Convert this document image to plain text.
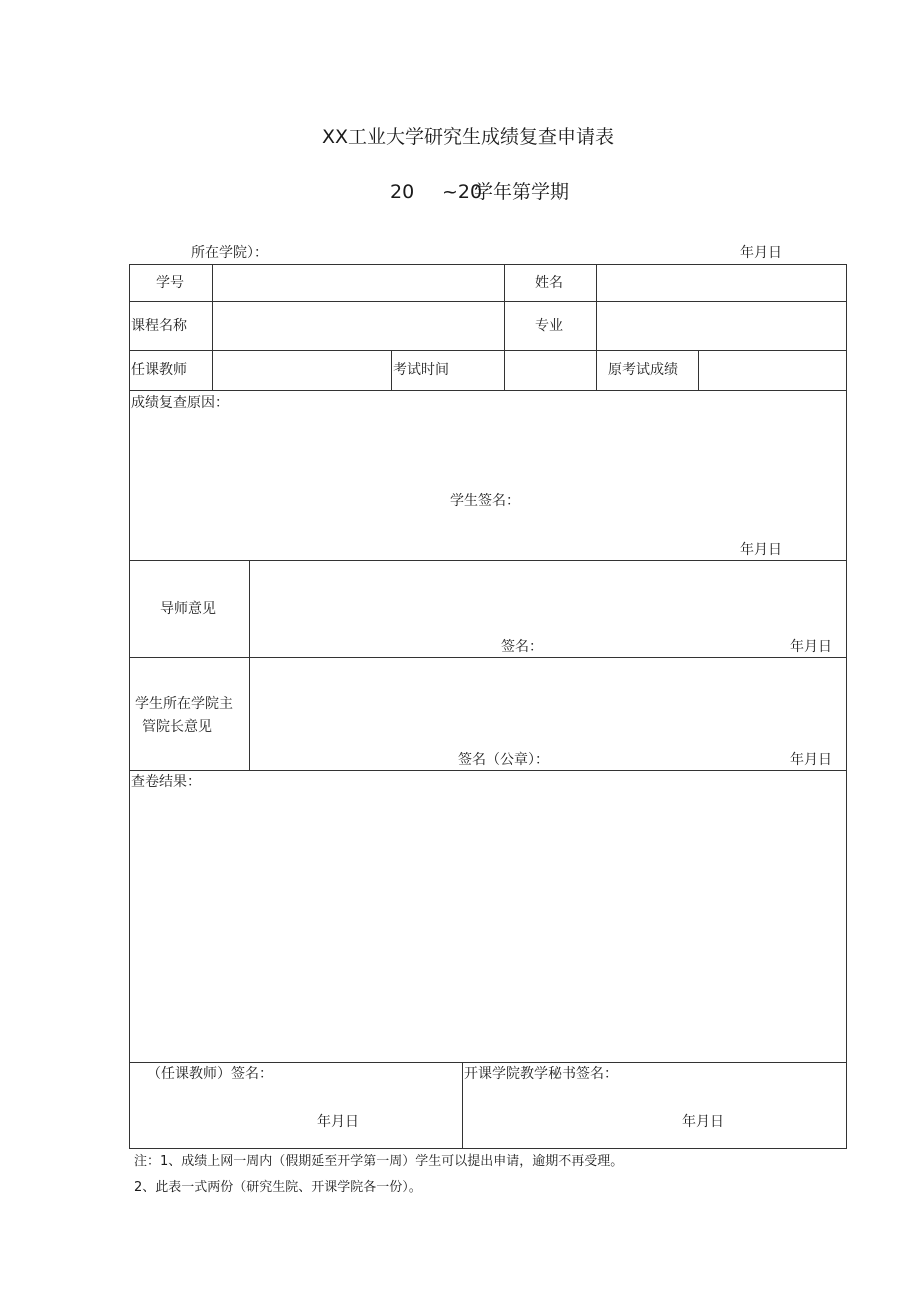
XX工业大学研究生成绩复查申请表
20 ~20
学年第学期
所在学院）：	年月日
学号	姓名
课程名称	专业
任课教师	考试时间	原考试成绩
成绩复查原因：
学生签名：
年月日
导师意见
签名：	年月日
学生所在学院主
管院长意见
签名（公章）：	年月日
查卷结果：
（任课教师）签名：
年月日
开课学院教学秘书签名：
年月日
注：1、成绩上网一周内（假期延至开学第一周）学生可以提出申请，逾期不再受理。
2、此表一式两份（研究生院、开课学院各一份）。
